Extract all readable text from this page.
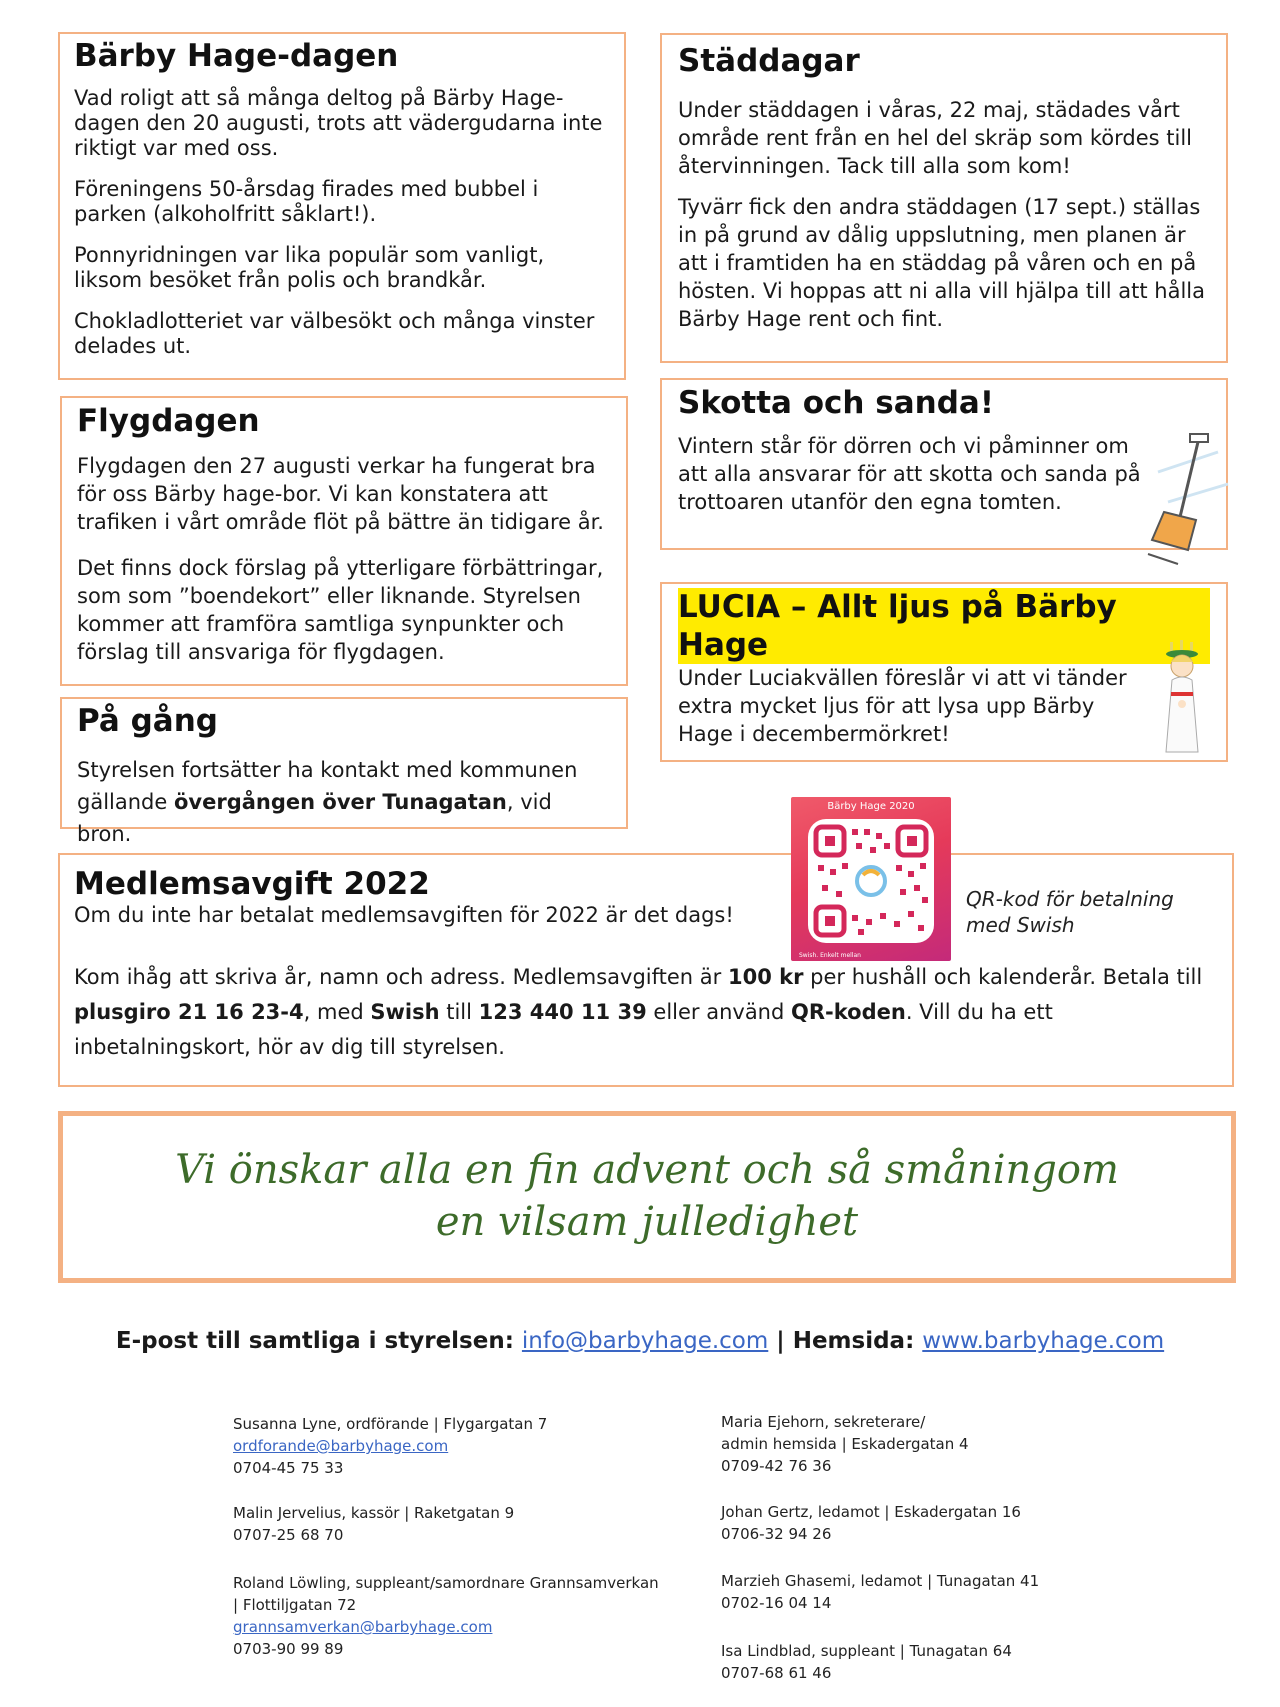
Bärby Hage-dagen

Vad roligt att så många deltog på Bärby Hage-dagen den 20 augusti, trots att vädergudarna inte riktigt var med oss.

Föreningens 50-årsdag firades med bubbel i parken (alkoholfritt såklart!).

Ponnyridningen var lika populär som vanligt, liksom besöket från polis och brandkår.

Chokladlotteriet var välbesökt och många vinster delades ut.

Städdagar

Under städdagen i våras, 22 maj, städades vårt område rent från en hel del skräp som kördes till återvinningen. Tack till alla som kom!

Tyvärr fick den andra städdagen (17 sept.) ställas in på grund av dålig uppslutning, men planen är att i framtiden ha en städdag på våren och en på hösten. Vi hoppas att ni alla vill hjälpa till att hålla Bärby Hage rent och fint.

Flygdagen

Flygdagen den 27 augusti verkar ha fungerat bra för oss Bärby hage-bor. Vi kan konstatera att trafiken i vårt område flöt på bättre än tidigare år.

Det finns dock förslag på ytterligare förbättringar, som som ”boendekort” eller liknande. Styrelsen kommer att framföra samtliga synpunkter och förslag till ansvariga för flygdagen.

Skotta och sanda!

Vintern står för dörren och vi påminner om att alla ansvarar för att skotta och sanda på trottoaren utanför den egna tomten.

LUCIA – Allt ljus på Bärby Hage

Under Luciakvällen föreslår vi att vi tänder extra mycket ljus för att lysa upp Bärby Hage i decembermörkret!

På gång

Styrelsen fortsätter ha kontakt med kommunen gällande övergången över Tunagatan, vid bron.

Medlemsavgift 2022

Om du inte har betalat medlemsavgiften för 2022 är det dags!

Kom ihåg att skriva år, namn och adress. Medlemsavgiften är 100 kr per hushåll och kalenderår. Betala till plusgiro 21 16 23-4, med Swish till 123 440 11 39 eller använd QR-koden. Vill du ha ett inbetalningskort, hör av dig till styrelsen.

Bärby Hage 2020
Swish. Enkelt mellan
QR-kod för betalning
med Swish
Vi önskar alla en fin advent och så småningom
en vilsam julledighet
E-post till samtliga i styrelsen: info@barbyhage.com | Hemsida: www.barbyhage.com
Susanna Lyne, ordförande | Flygargatan 7
ordforande@barbyhage.com
0704-45 75 33
Malin Jervelius, kassör | Raketgatan 9
0707-25 68 70
Roland Löwling, suppleant/samordnare Grannsamverkan
| Flottiljgatan 72
grannsamverkan@barbyhage.com
0703-90 99 89
Maria Ejehorn, sekreterare/
admin hemsida | Eskadergatan 4
0709-42 76 36
Johan Gertz, ledamot | Eskadergatan 16
0706-32 94 26
Marzieh Ghasemi, ledamot | Tunagatan 41
0702-16 04 14
Isa Lindblad, suppleant | Tunagatan 64
0707-68 61 46
